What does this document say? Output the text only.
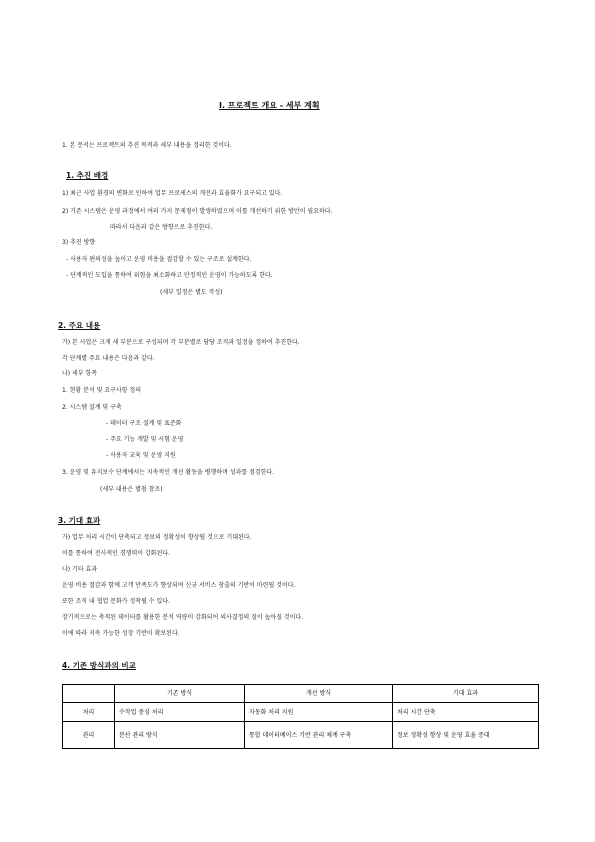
Ⅰ. 프로젝트 개요 - 세부 계획
1. 본 문서는 프로젝트의 추진 목적과 세부 내용을 정리한 것이다.
1. 추진 배경
1) 최근 사업 환경의 변화로 인하여 업무 프로세스의 개선과 효율화가 요구되고 있다.
2) 기존 시스템은 운영 과정에서 여러 가지 문제점이 발생하였으며 이를 개선하기 위한 방안이 필요하다.
따라서 다음과 같은 방향으로 추진한다.
3) 추진 방향
- 사용자 편의성을 높이고 운영 비용을 절감할 수 있는 구조로 설계한다.
- 단계적인 도입을 통하여 위험을 최소화하고 안정적인 운영이 가능하도록 한다.
(세부 일정은 별도 작성)
2. 주요 내용
가) 본 사업은 크게 세 부분으로 구성되며 각 부분별로 담당 조직과 일정을 정하여 추진한다.
각 단계별 주요 내용은 다음과 같다.
나) 세부 항목
1. 현황 분석 및 요구사항 정의
2. 시스템 설계 및 구축
- 데이터 구조 설계 및 표준화
- 주요 기능 개발 및 시험 운영
- 사용자 교육 및 운영 지원
3. 운영 및 유지보수 단계에서는 지속적인 개선 활동을 병행하며 성과를 점검한다.
(세부 내용은 별첨 참조)
3. 기대 효과
가) 업무 처리 시간이 단축되고 정보의 정확성이 향상될 것으로 기대된다.
이를 통하여 전사적인 경쟁력이 강화된다.
나) 기타 효과
운영 비용 절감과 함께 고객 만족도가 향상되며 신규 서비스 창출의 기반이 마련될 것이다.
또한 조직 내 협업 문화가 정착될 수 있다.
장기적으로는 축적된 데이터를 활용한 분석 역량이 강화되어 의사결정의 질이 높아질 것이다.
이에 따라 지속 가능한 성장 기반이 확보된다.
4. 기존 방식과의 비교
	기존 방식	개선 방식	기대 효과
처리	수작업 중심 처리	자동화 처리 지원	처리 시간 단축
관리	분산 관리 방식	통합 데이터베이스 기반 관리 체계 구축	정보 정확성 향상 및 운영 효율 증대
